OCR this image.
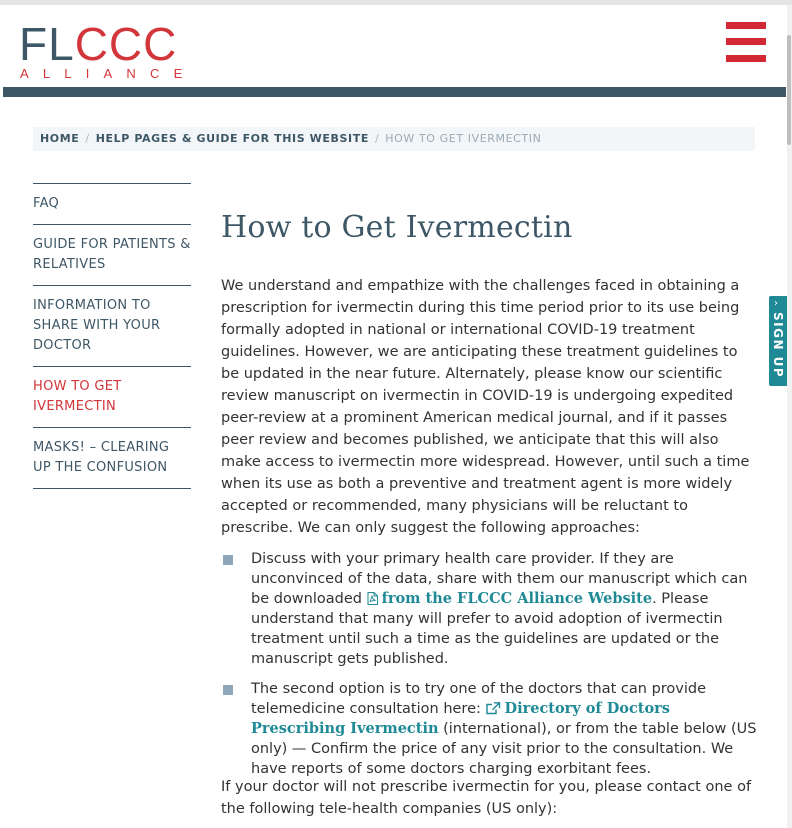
FLCCC
ALLIANCE
HOME / HELP PAGES & GUIDE FOR THIS WEBSITE / HOW TO GET IVERMECTIN
FAQ
GUIDE FOR PATIENTS & RELATIVES
INFORMATION TO SHARE WITH YOUR DOCTOR
HOW TO GET IVERMECTIN
MASKS! – CLEARING UP THE CONFUSION
How to Get Ivermectin

We understand and empathize with the challenges faced in obtaining a prescription for ivermectin during this time period prior to its use being formally adopted in national or international COVID-19 treatment guidelines. However, we are anticipating these treatment guidelines to be updated in the near future. Alternately, please know our scientific review manuscript on ivermectin in COVID-19 is undergoing expedited peer-review at a prominent American medical journal, and if it passes peer review and becomes published, we anticipate that this will also make access to ivermectin more widespread. However, until such a time when its use as both a preventive and treatment agent is more widely accepted or recommended, many physicians will be reluctant to prescribe. We can only suggest the following approaches:

Discuss with your primary health care provider. If they are unconvinced of the data, share with them our manuscript which can be downloaded from the FLCCC Alliance Website. Please understand that many will prefer to avoid adoption of ivermectin treatment until such a time as the guidelines are updated or the manuscript gets published.
The second option is to try one of the doctors that can provide telemedicine consultation here: Directory of Doctors Prescribing Ivermectin (international), or from the table below (US only) — Confirm the price of any visit prior to the consultation. We have reports of some doctors charging exorbitant fees.

If your doctor will not prescribe ivermectin for you, please contact one of the following tele-health companies (US only):

›
SIGN UP
